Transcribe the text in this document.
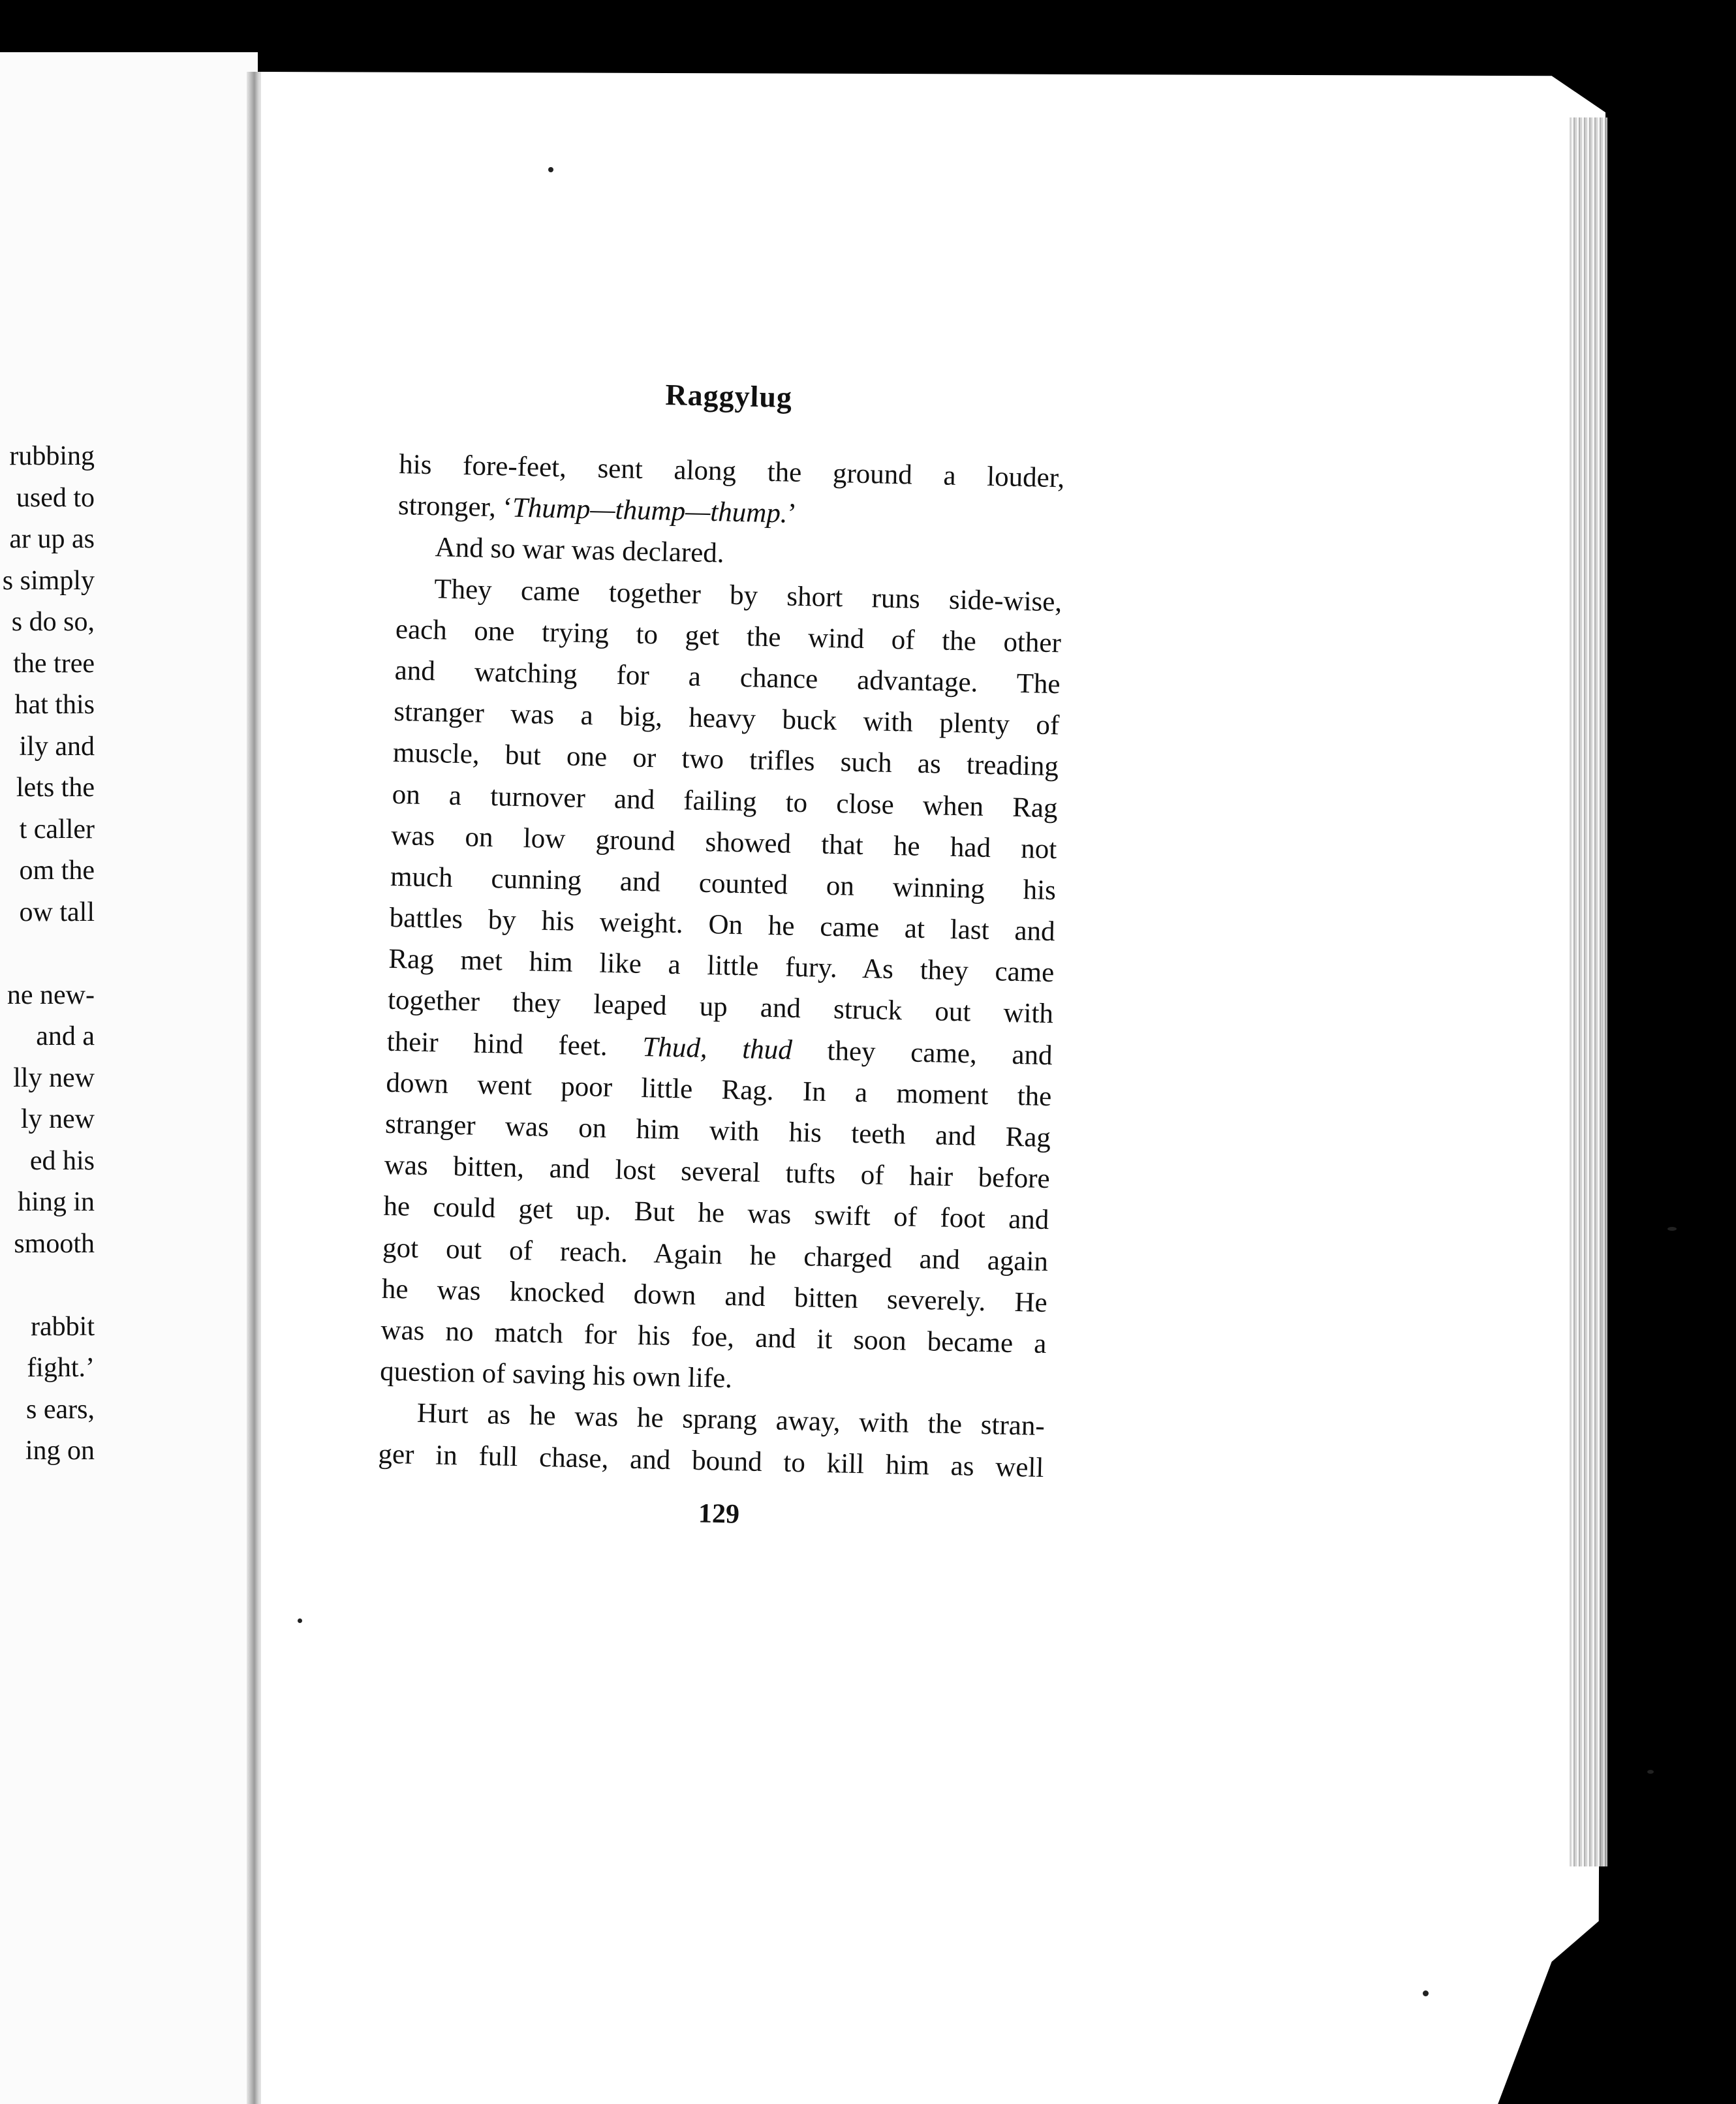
rubbing
used to
ar up as
s simply
s do so,
the tree
hat this
ily and
lets the
t caller
om the
ow tall
ne new-
and a
lly new
ly new
ed his
hing in
smooth
rabbit
fight.’
s ears,
ing on
Raggylug
his fore-feet, sent along the ground a louder,
stronger, ‘Thump—thump—thump.’
And so war was declared.
They came together by short runs side-wise,
each one trying to get the wind of the other
and watching for a chance advantage. The
stranger was a big, heavy buck with plenty of
muscle, but one or two trifles such as treading
on a turnover and failing to close when Rag
was on low ground showed that he had not
much cunning and counted on winning his
battles by his weight. On he came at last and
Rag met him like a little fury. As they came
together they leaped up and struck out with
their hind feet. Thud, thud they came, and
down went poor little Rag. In a moment the
stranger was on him with his teeth and Rag
was bitten, and lost several tufts of hair before
he could get up. But he was swift of foot and
got out of reach. Again he charged and again
he was knocked down and bitten severely. He
was no match for his foe, and it soon became a
question of saving his own life.
Hurt as he was he sprang away, with the stran-
ger in full chase, and bound to kill him as well
129
